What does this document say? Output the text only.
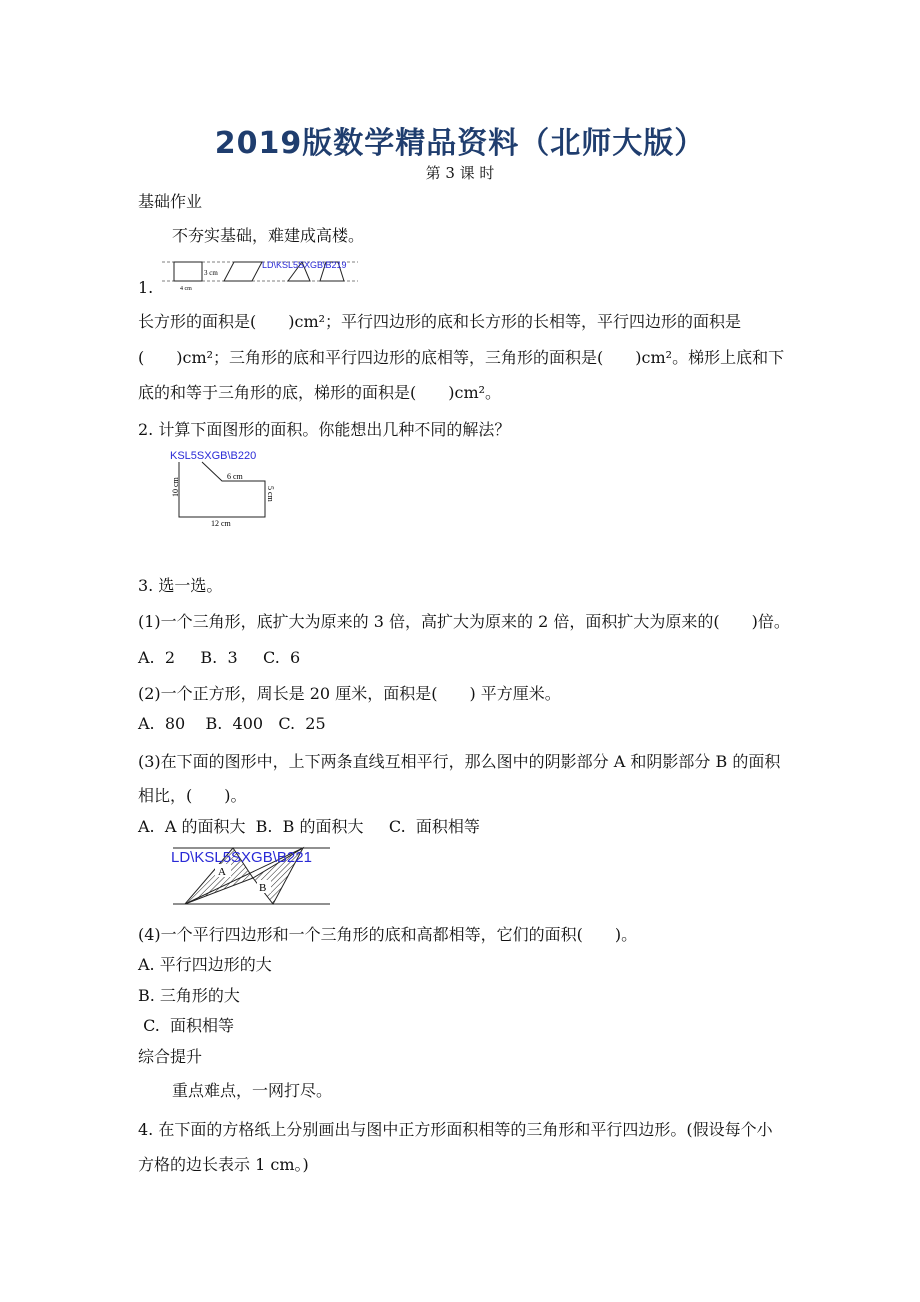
2019版数学精品资料（北师大版）
第 3 课 时
基础作业
不夯实基础，难建成高楼。
1.
3 cm
4 cm
LD\KSL5SXGB\B219
长方形的面积是(　　)cm²；平行四边形的底和长方形的长相等，平行四边形的面积是
(　　)cm²；三角形的底和平行四边形的底相等，三角形的面积是(　　)cm²。梯形上底和下
底的和等于三角形的底，梯形的面积是(　　)cm²。
2. 计算下面图形的面积。你能想出几种不同的解法？
KSL5SXGB\B220
10 cm
6 cm
5 cm
12 cm
3. 选一选。
(1)一个三角形，底扩大为原来的 3 倍，高扩大为原来的 2 倍，面积扩大为原来的(　　)倍。
A.  2     B.  3     C.  6
(2)一个正方形，周长是 20 厘米，面积是(　　) 平方厘米。
A.  80    B.  400   C.  25
(3)在下面的图形中，上下两条直线互相平行，那么图中的阴影部分 A 和阴影部分 B 的面积
相比，(　　)。
A.  A 的面积大  B.  B 的面积大     C.  面积相等
A
B
LD\KSL5SXGB\B221
(4)一个平行四边形和一个三角形的底和高都相等，它们的面积(　　)。
A. 平行四边形的大
B. 三角形的大
C.  面积相等
综合提升
重点难点，一网打尽。
4. 在下面的方格纸上分别画出与图中正方形面积相等的三角形和平行四边形。(假设每个小
方格的边长表示 1 cm。)
